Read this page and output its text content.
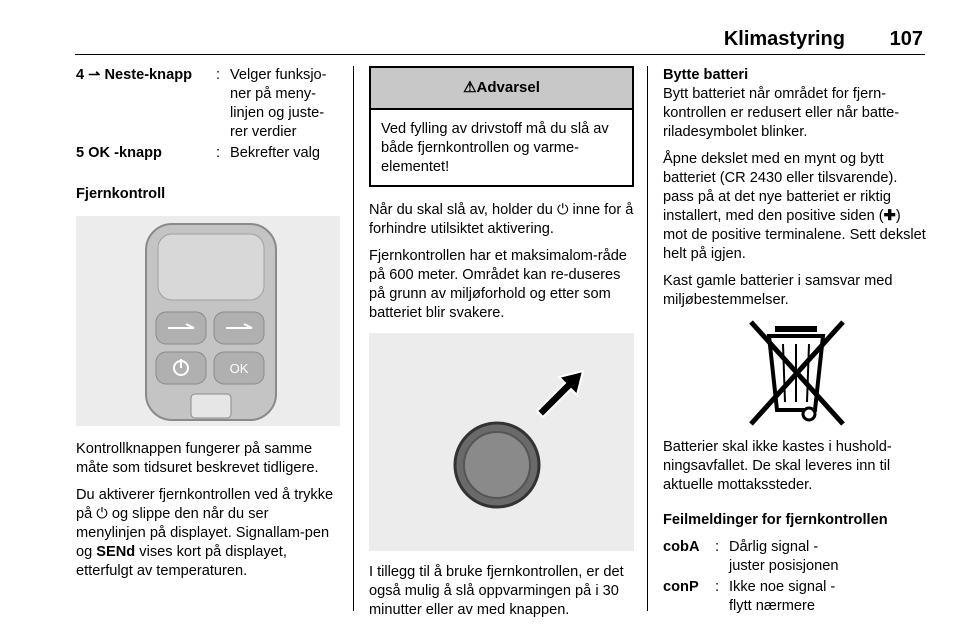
Klimastyring 107
4 ⇀ Neste-knapp	: Velger funksjo-
ner på meny-
linjen og juste-
rer verdier
5 OK -knapp	: Bekrefter valg
Fjernkontroll
OK

Kontrollknappen fungerer på samme måte som tidsuret beskrevet tidligere.

Du aktiverer fjernkontrollen ved å trykke på ⏻ og slippe den når du ser menylinjen på displayet. Signallam-pen og SENd vises kort på displayet, etterfulgt av temperaturen.

⚠Advarsel
Ved fylling av drivstoff må du slå av både fjernkontrollen og varme-elementet!

Når du skal slå av, holder du ⏻ inne for å forhindre utilsiktet aktivering.

Fjernkontrollen har et maksimalom-råde på 600 meter. Området kan re-duseres på grunn av miljøforhold og etter som batteriet blir svakere.

I tillegg til å bruke fjernkontrollen, er det også mulig å slå oppvarmingen på i 30 minutter eller av med knappen.

Bytte batteri

Bytt batteriet når området for fjern-kontrollen er redusert eller når batte-riladesymbolet blinker.

Åpne dekslet med en mynt og bytt batteriet (CR 2430 eller tilsvarende). pass på at det nye batteriet er riktig installert, med den positive siden (✚) mot de positive terminalene. Sett dekslet helt på igjen.

Kast gamle batterier i samsvar med miljøbestemmelser.

Batterier skal ikke kastes i hushold-ningsavfallet. De skal leveres inn til aktuelle mottakssteder.

Feilmeldinger for fjernkontrollen
cobA	: Dårlig signal -
juster posisjonen
conP	: Ikke noe signal -
flytt nærmere
